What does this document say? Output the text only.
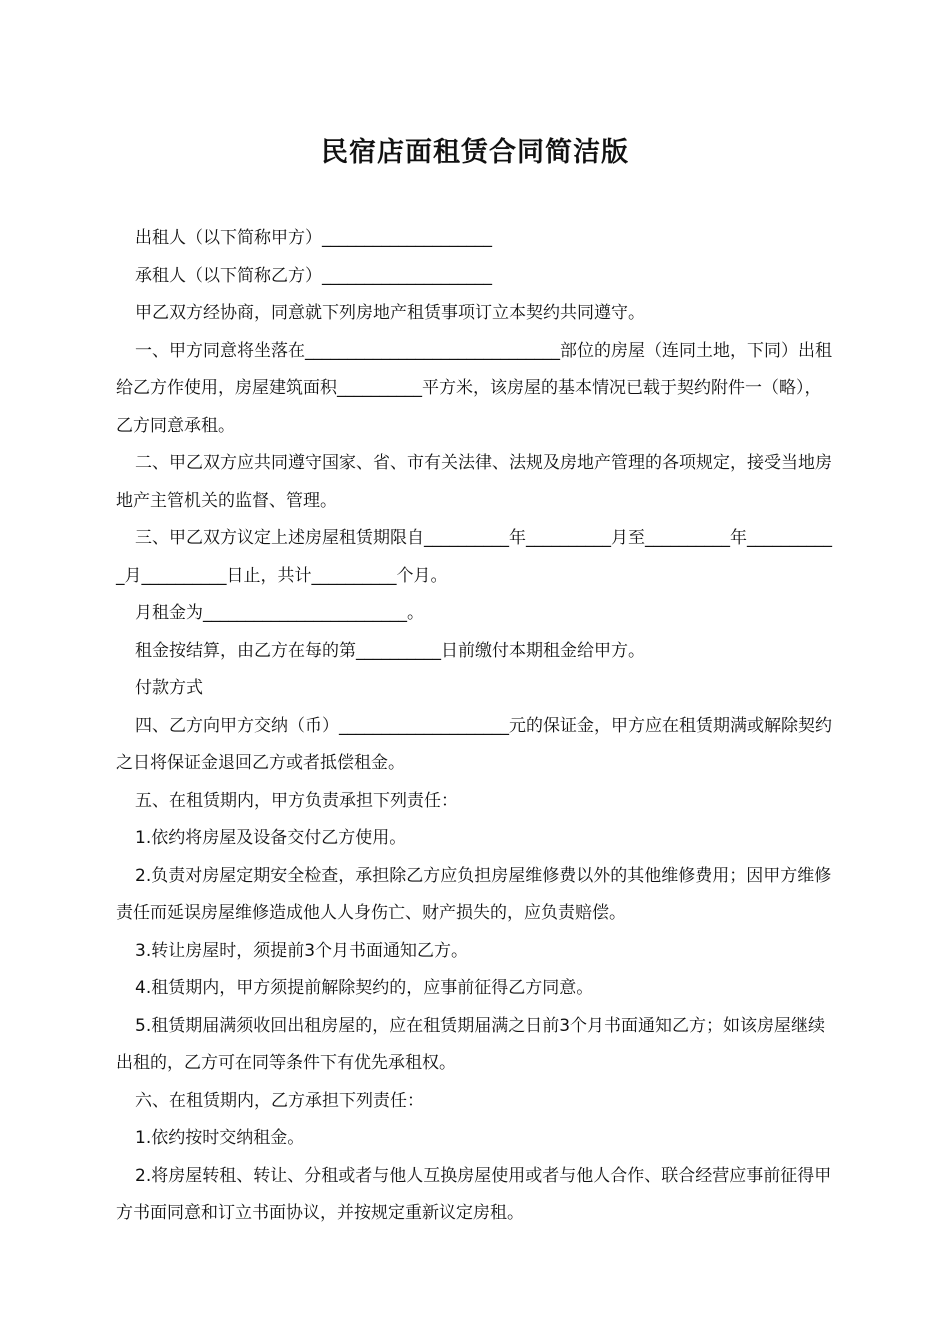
民宿店面租赁合同简洁版

出租人（以下简称甲方）____________________

承租人（以下简称乙方）____________________

甲乙双方经协商，同意就下列房地产租赁事项订立本契约共同遵守。

一、甲方同意将坐落在______________________________部位的房屋（连同土地，下同）出租给乙方作使用，房屋建筑面积__________平方米，该房屋的基本情况已载于契约附件一（略），乙方同意承租。

二、甲乙双方应共同遵守国家、省、市有关法律、法规及房地产管理的各项规定，接受当地房地产主管机关的监督、管理。

三、甲乙双方议定上述房屋租赁期限自__________年__________月至__________年___________月__________日止，共计__________个月。

月租金为________________________。

租金按结算，由乙方在每的第__________日前缴付本期租金给甲方。

付款方式

四、乙方向甲方交纳（币）____________________元的保证金，甲方应在租赁期满或解除契约之日将保证金退回乙方或者抵偿租金。

五、在租赁期内，甲方负责承担下列责任：

1.依约将房屋及设备交付乙方使用。

2.负责对房屋定期安全检查，承担除乙方应负担房屋维修费以外的其他维修费用；因甲方维修责任而延误房屋维修造成他人人身伤亡、财产损失的，应负责赔偿。

3.转让房屋时，须提前3个月书面通知乙方。

4.租赁期内，甲方须提前解除契约的，应事前征得乙方同意。

5.租赁期届满须收回出租房屋的，应在租赁期届满之日前3个月书面通知乙方；如该房屋继续出租的，乙方可在同等条件下有优先承租权。

六、在租赁期内，乙方承担下列责任：

1.依约按时交纳租金。

2.将房屋转租、转让、分租或者与他人互换房屋使用或者与他人合作、联合经营应事前征得甲方书面同意和订立书面协议，并按规定重新议定房租。
